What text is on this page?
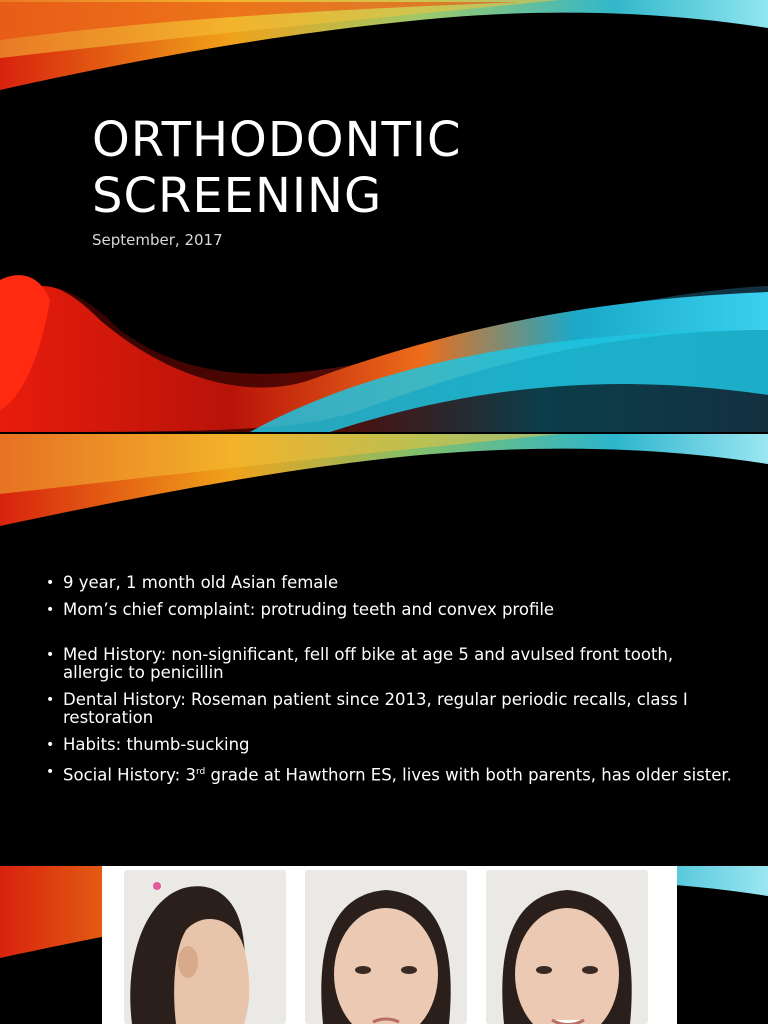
ORTHODONTIC
SCREENING
September, 2017
• 9 year, 1 month old Asian female
• Mom’s chief complaint: protruding teeth and convex profile
• Med History: non-significant, fell off bike at age 5 and avulsed front tooth, allergic to penicillin
• Dental History: Roseman patient since 2013, regular periodic recalls, class I restoration
• Habits: thumb-sucking
• Social History: 3rd grade at Hawthorn ES, lives with both parents, has older sister.
